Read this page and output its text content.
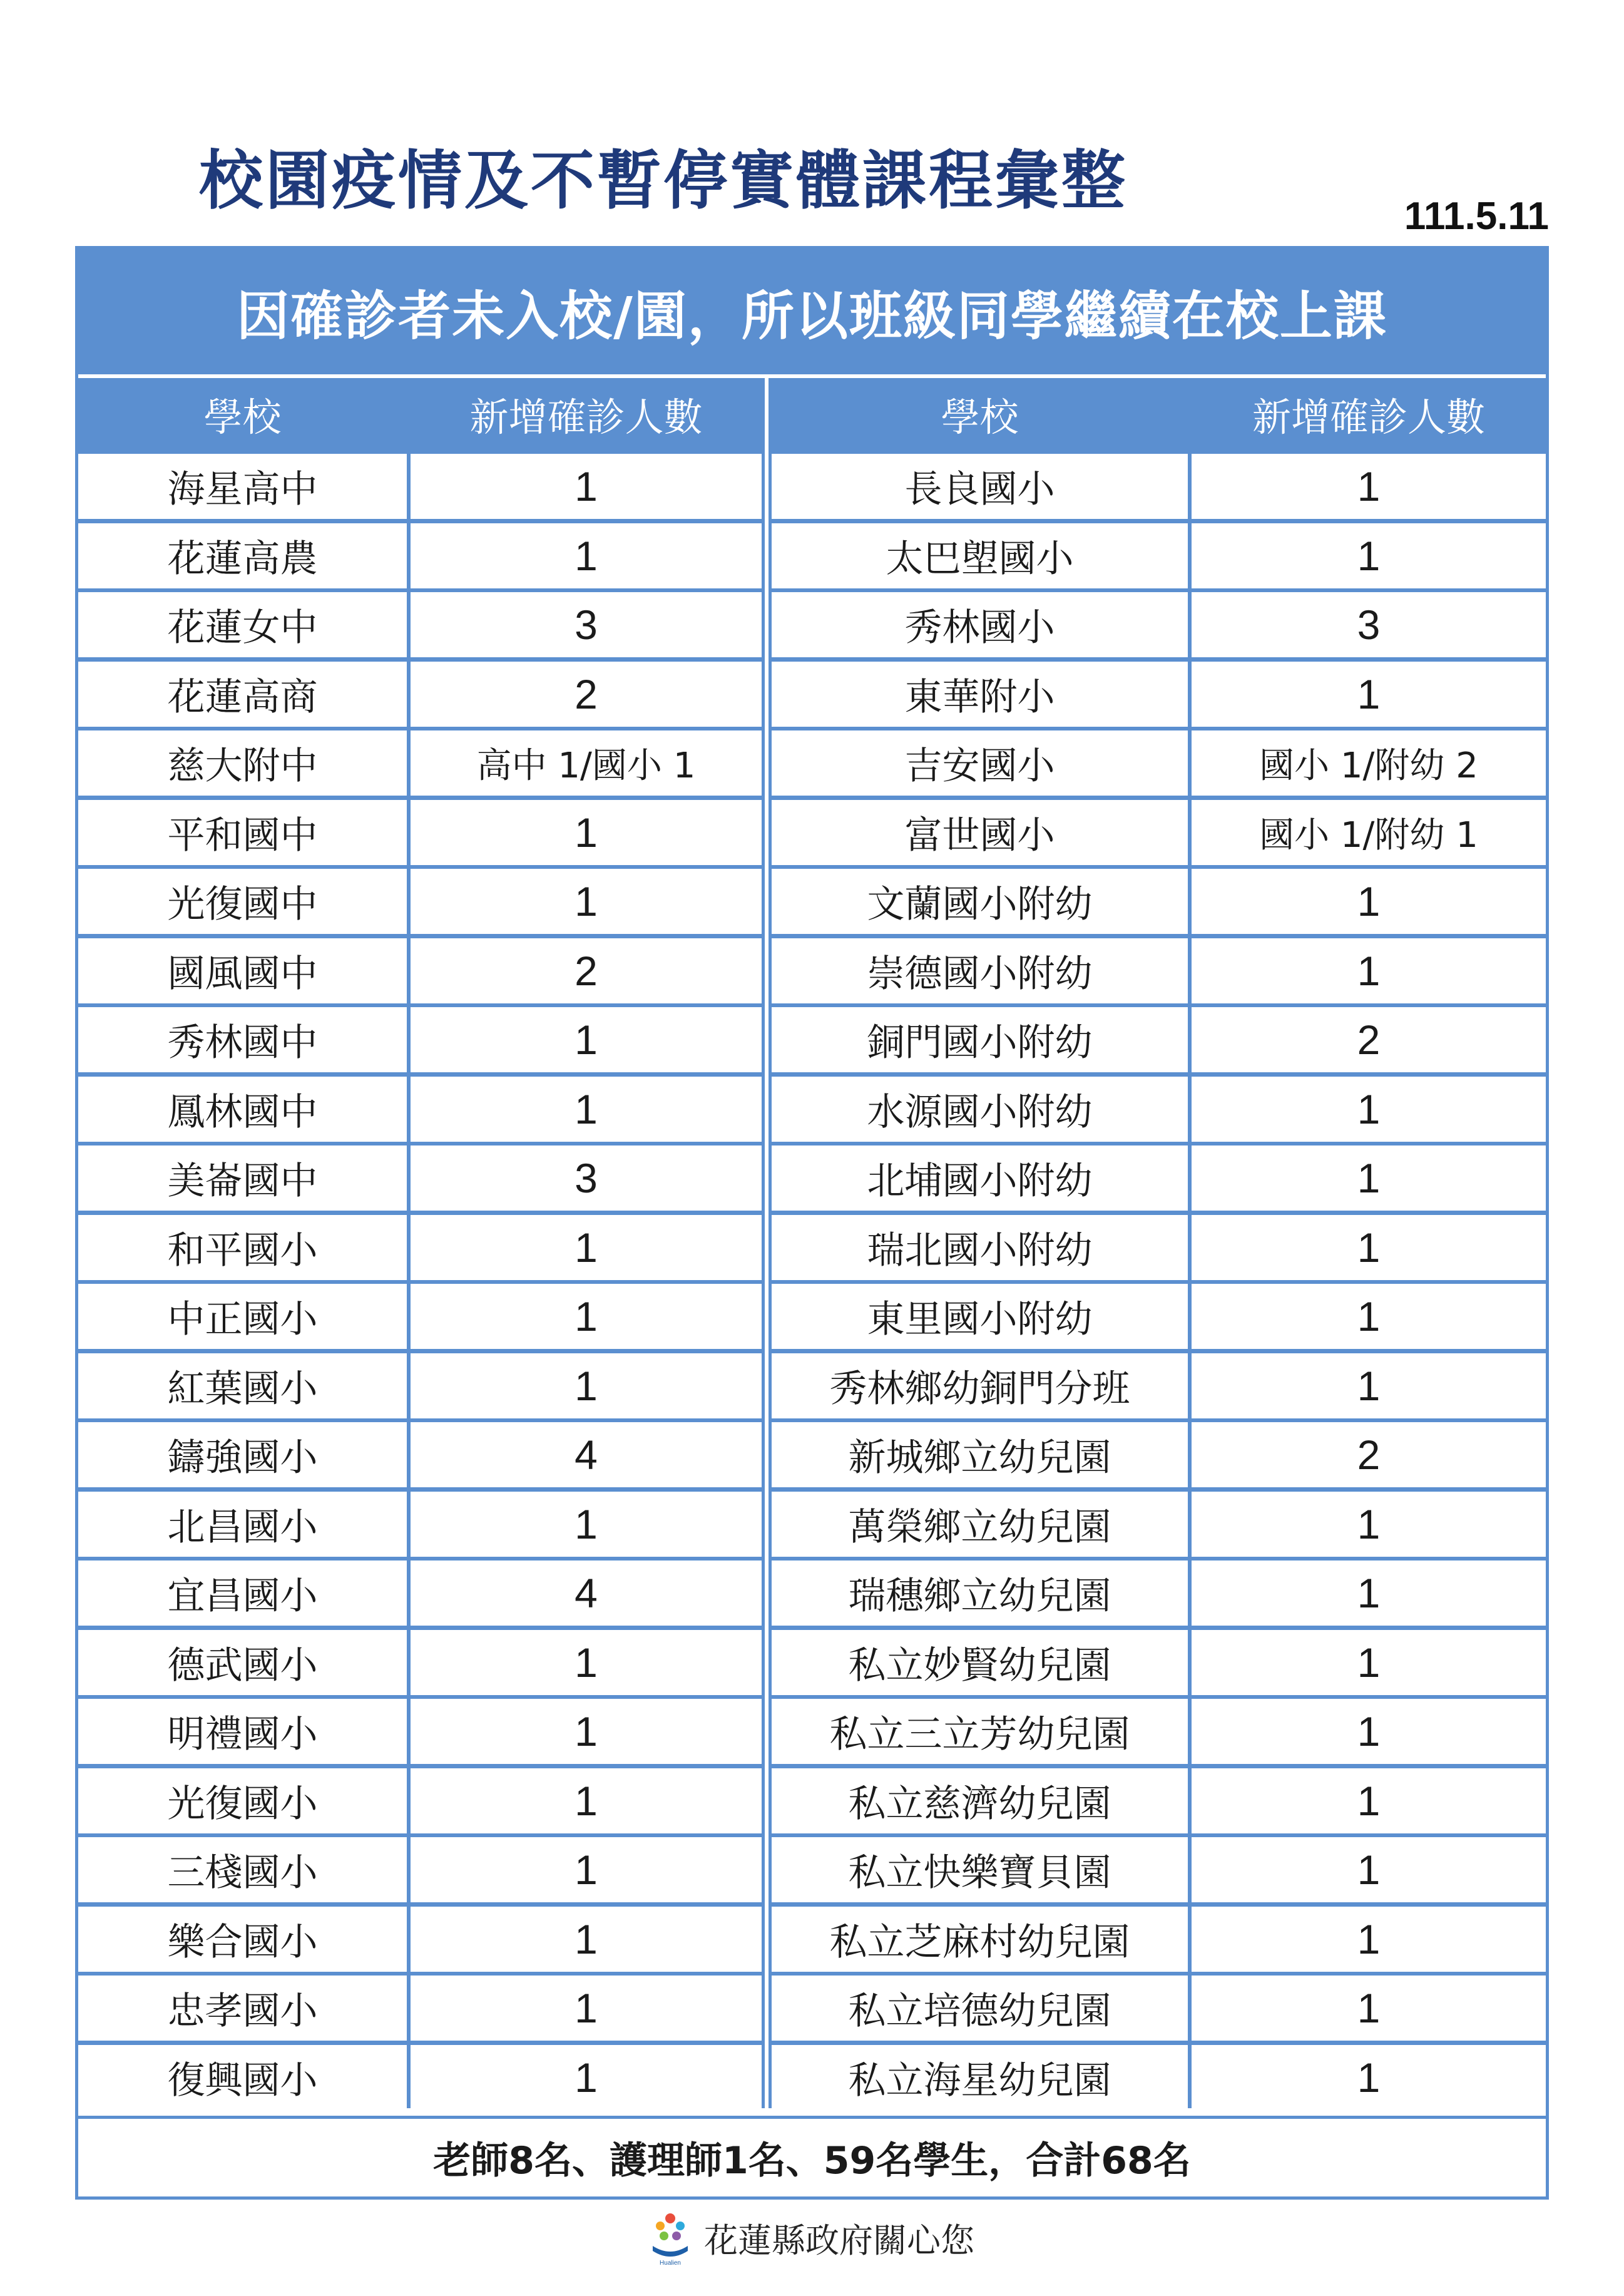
校園疫情及不暫停實體課程彙整	111.5.11
因確診者未入校/園，所以班級同學繼續在校上課
學校	新增確診人數	學校	新增確診人數
海星高中	1	長良國小	1
花蓮高農	1	太巴塱國小	1
花蓮女中	3	秀林國小	3
花蓮高商	2	東華附小	1
慈大附中	高中 1/國小 1	吉安國小	國小 1/附幼 2
平和國中	1	富世國小	國小 1/附幼 1
光復國中	1	文蘭國小附幼	1
國風國中	2	崇德國小附幼	1
秀林國中	1	銅門國小附幼	2
鳳林國中	1	水源國小附幼	1
美崙國中	3	北埔國小附幼	1
和平國小	1	瑞北國小附幼	1
中正國小	1	東里國小附幼	1
紅葉國小	1	秀林鄉幼銅門分班	1
鑄強國小	4	新城鄉立幼兒園	2
北昌國小	1	萬榮鄉立幼兒園	1
宜昌國小	4	瑞穗鄉立幼兒園	1
德武國小	1	私立妙賢幼兒園	1
明禮國小	1	私立三立芳幼兒園	1
光復國小	1	私立慈濟幼兒園	1
三棧國小	1	私立快樂寶貝園	1
樂合國小	1	私立芝麻村幼兒園	1
忠孝國小	1	私立培德幼兒園	1
復興國小	1	私立海星幼兒園	1
老師8名、護理師1名、59名學生，合計68名
Hualien
花蓮縣政府關心您
